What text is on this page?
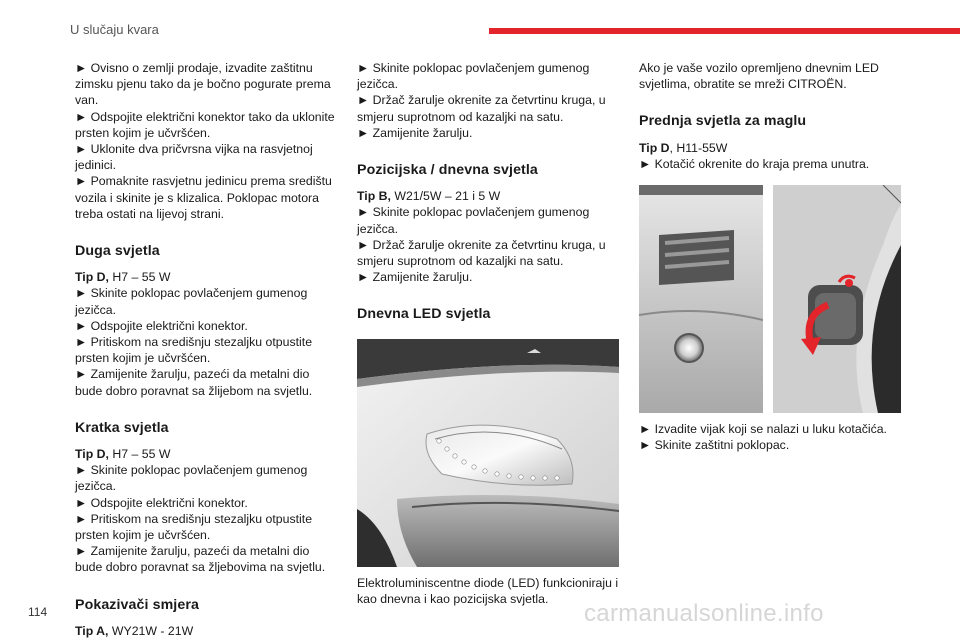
U slučaju kvara

► Ovisno o zemlji prodaje, izvadite zaštitnu zimsku pjenu tako da je bočno pogurate prema van.

► Odspojite električni konektor tako da uklonite prsten kojim je učvršćen.

► Uklonite dva pričvrsna vijka na rasvjetnoj jedinici.

► Pomaknite rasvjetnu jedinicu prema središtu vozila i skinite je s klizalica. Poklopac motora treba ostati na lijevoj strani.

Duga svjetla

Tip D, H7 – 55 W

► Skinite poklopac povlačenjem gumenog jezičca.

► Odspojite električni konektor.

► Pritiskom na središnju stezaljku otpustite prsten kojim je učvršćen.

► Zamijenite žarulju, pazeći da metalni dio bude dobro poravnat sa žlijebom na svjetlu.

Kratka svjetla

Tip D, H7 – 55 W

► Skinite poklopac povlačenjem gumenog jezičca.

► Odspojite električni konektor.

► Pritiskom na središnju stezaljku otpustite prsten kojim je učvršćen.

► Zamijenite žarulju, pazeći da metalni dio bude dobro poravnat sa žljebovima na svjetlu.

Pokazivači smjera

Tip A, WY21W - 21W

► Skinite poklopac povlačenjem gumenog jezičca.

► Držač žarulje okrenite za četvrtinu kruga, u smjeru suprotnom od kazaljki na satu.

► Zamijenite žarulju.

Pozicijska / dnevna svjetla

Tip B, W21/5W – 21 i 5 W

► Skinite poklopac povlačenjem gumenog jezičca.

► Držač žarulje okrenite za četvrtinu kruga, u smjeru suprotnom od kazaljki na satu.

► Zamijenite žarulju.

Dnevna LED svjetla

Elektroluminiscentne diode (LED) funkcioniraju i kao dnevna i kao pozicijska svjetla.

Ako je vaše vozilo opremljeno dnevnim LED svjetlima, obratite se mreži CITROËN.

Prednja svjetla za maglu

Tip D, H11-55W

► Kotačić okrenite do kraja prema unutra.

► Izvadite vijak koji se nalazi u luku kotačića.

► Skinite zaštitni poklopac.

114	carmanualsonline.info
